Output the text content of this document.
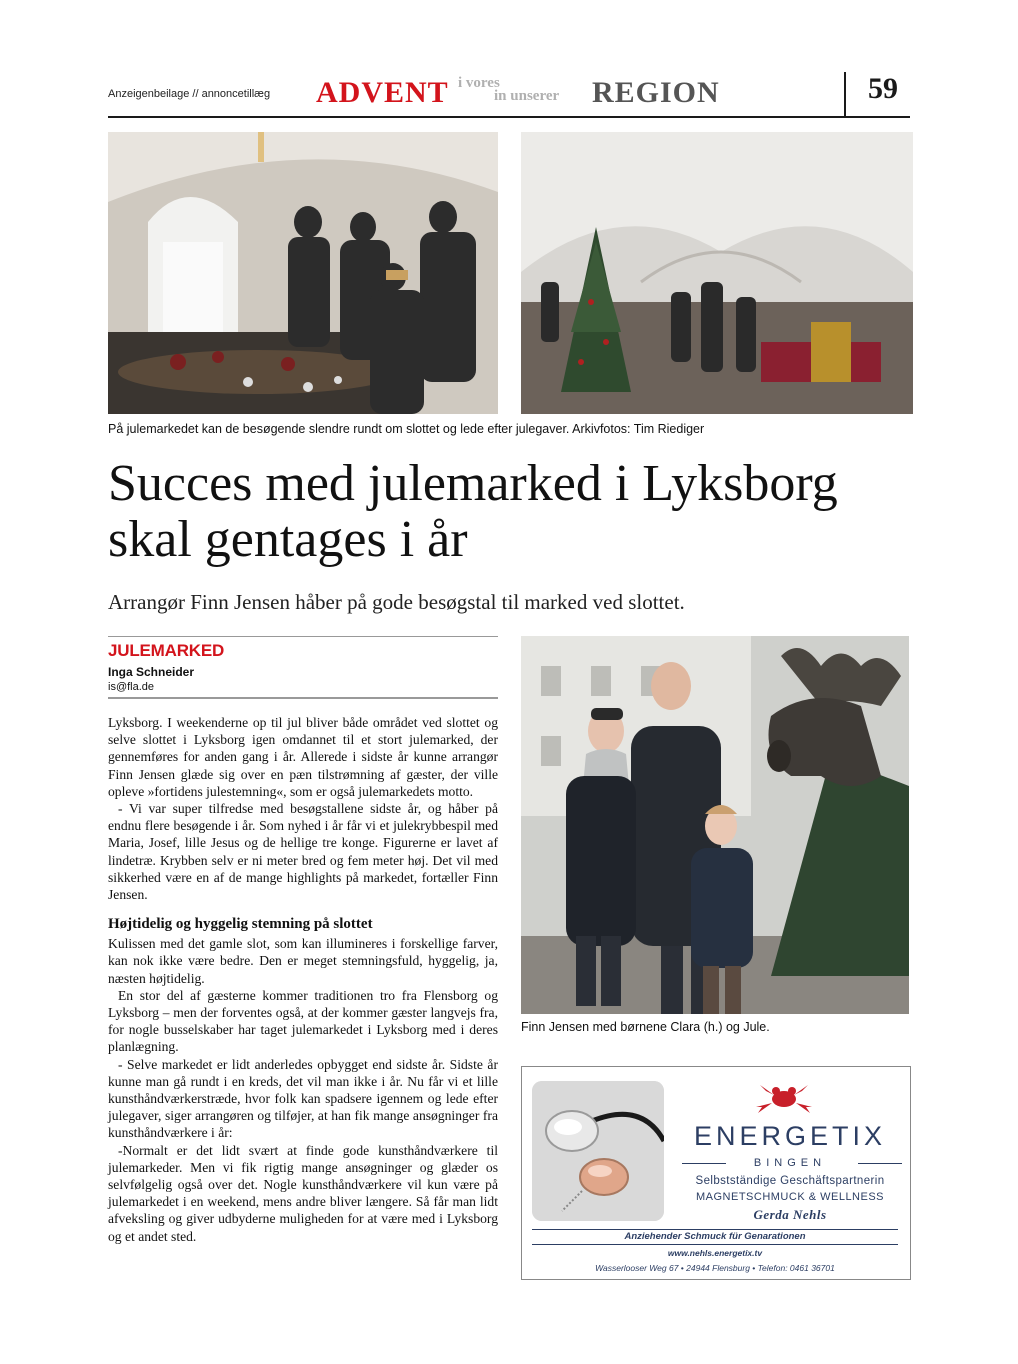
Anzeigenbeilage // annoncetillæg ADVENT i vores
in unserer REGION	59
På julemarkedet kan de besøgende slendre rundt om slottet og lede efter julegaver. Arkivfotos: Tim Riediger
Succes med julemarked i Lyksborg skal gentages i år
Arrangør Finn Jensen håber på gode besøgstal til marked ved slottet.
JULEMARKED
Inga Schneider
is@fla.de

Lyksborg. I weekenderne op til jul bliver både området ved slottet og selve slottet i Lyksborg igen omdannet til et stort julemarked, der gennemføres for anden gang i år. Allerede i sidste år kunne arrangør Finn Jensen glæde sig over en pæn tilstrømning af gæster, der ville opleve »fortidens julestemning«, som er også julemarkedets motto.

- Vi var super tilfredse med besøgstallene sidste år, og håber på endnu flere besøgende i år. Som nyhed i år får vi et julekrybbespil med Maria, Josef, lille Jesus og de hellige tre konge. Figurerne er lavet af lindetræ. Krybben selv er ni meter bred og fem meter høj. Det vil med sikkerhed være en af de mange highlights på markedet, fortæller Finn Jensen.

Højtidelig og hyggelig stemning på slottet

Kulissen med det gamle slot, som kan illumineres i forskellige farver, kan nok ikke være bedre. Den er meget stemningsfuld, hyggelig, ja, næsten højtidelig.

En stor del af gæsterne kommer traditionen tro fra Flensborg og Lyksborg – men der forventes også, at der kommer gæster langvejs fra, for nogle busselskaber har taget julemarkedet i Lyksborg med i deres planlægning.

- Selve markedet er lidt anderledes opbygget end sidste år. Sidste år kunne man gå rundt i en kreds, det vil man ikke i år. Nu får vi et lille kunsthåndværkerstræde, hvor folk kan spadsere igennem og lede efter julegaver, siger arrangøren og tilføjer, at han fik mange ansøgninger fra kunsthåndværkere i år:

-Normalt er det lidt svært at finde gode kunsthåndværkere til julemarkeder. Men vi fik rigtig mange ansøgninger og glæder os selvfølgelig også over det. Nogle kunsthåndværkere vil kun være på julemarkedet i en weekend, mens andre bliver længere. Så får man lidt afveksling og giver udbyderne muligheden for at være med i Lyksborg og et andet sted.

Finn Jensen med børnene Clara (h.) og Jule.
ENERGETIX
BINGEN
Selbstständige Geschäftspartnerin
MAGNETSCHMUCK & WELLNESS
Gerda Nehls
Anziehender Schmuck für Genarationen
www.nehls.energetix.tv
Wasserlooser Weg 67 • 24944 Flensburg • Telefon: 0461 36701
